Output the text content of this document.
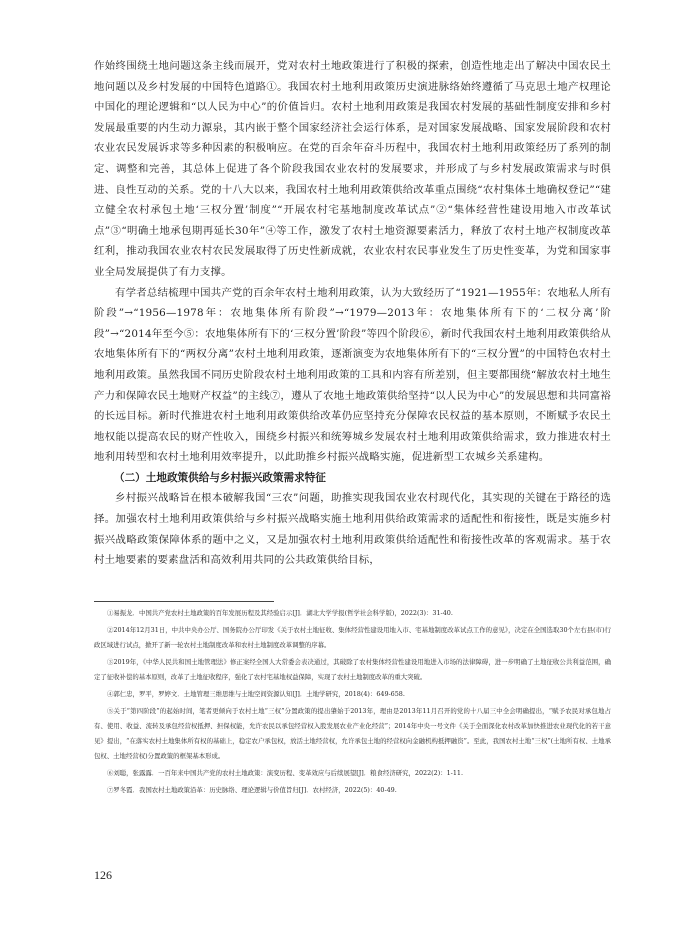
作始终围绕土地问题这条主线而展开，党对农村土地政策进行了积极的探索，创造性地走出了解决中国农民土地问题以及乡村发展的中国特色道路①。我国农村土地利用政策历史演进脉络始终遵循了马克思土地产权理论中国化的理论逻辑和“以人民为中心”的价值旨归。农村土地利用政策是我国农村发展的基础性制度安排和乡村发展最重要的内生动力源泉，其内嵌于整个国家经济社会运行体系，是对国家发展战略、国家发展阶段和农村农业农民发展诉求等多种因素的积极响应。在党的百余年奋斗历程中，我国农村土地利用政策经历了系列的制定、调整和完善，其总体上促进了各个阶段我国农业农村的发展要求，并形成了与乡村发展政策需求与时俱进、良性互动的关系。党的十八大以来，我国农村土地利用政策供给改革重点围绕“农村集体土地确权登记”“建立健全农村承包土地‘三权分置’制度”“开展农村宅基地制度改革试点”②“集体经营性建设用地入市改革试点”③“明确土地承包期再延长30年”④等工作，激发了农村土地资源要素活力，释放了农村土地产权制度改革红利，推动我国农业农村农民发展取得了历史性新成就，农业农村农民事业发生了历史性变革，为党和国家事业全局发展提供了有力支撑。

有学者总结梳理中国共产党的百余年农村土地利用政策，认为大致经历了“1921—1955年：农地私人所有阶段”→“1956—1978年：农地集体所有阶段”→“1979—2013年：农地集体所有下的‘二权分离’阶段”→“2014年至今⑤：农地集体所有下的‘三权分置’阶段”等四个阶段⑥，新时代我国农村土地利用政策供给从农地集体所有下的“两权分离”农村土地利用政策，逐渐演变为农地集体所有下的“三权分置”的中国特色农村土地利用政策。虽然我国不同历史阶段农村土地利用政策的工具和内容有所差别，但主要都围绕“解放农村土地生产力和保障农民土地财产权益”的主线⑦，遵从了农地土地政策供给坚持“以人民为中心”的发展思想和共同富裕的长远目标。新时代推进农村土地利用政策供给改革仍应坚持充分保障农民权益的基本原则，不断赋予农民土地权能以提高农民的财产性收入，围绕乡村振兴和统筹城乡发展农村土地利用政策供给需求，致力推进农村土地利用转型和农村土地利用效率提升，以此助推乡村振兴战略实施，促进新型工农城乡关系建构。

（二）土地政策供给与乡村振兴政策需求特征

乡村振兴战略旨在根本破解我国“三农”问题，助推实现我国农业农村现代化，其实现的关键在于路径的选择。加强农村土地利用政策供给与乡村振兴战略实施土地利用供给政策需求的适配性和衔接性，既是实施乡村振兴战略政策保障体系的题中之义，又是加强农村土地利用政策供给适配性和衔接性改革的客观需求。基于农村土地要素的要素盘活和高效利用共同的公共政策供给目标，

①易振龙．中国共产党农村土地政策的百年发展历程及其经验启示[J]．湖北大学学报(哲学社会科学版)，2022(3)：31-40.

②2014年12月31日，中共中央办公厅、国务院办公厅印发《关于农村土地征收、集体经营性建设用地入市、宅基地制度改革试点工作的意见》，决定在全国选取30个左右县(市)行政区域进行试点，掀开了新一轮农村土地制度改革和农村土地制度改革调整的序幕。

③2019年，《中华人民共和国土地管理法》修正案经全国人大常委会表决通过，其破除了农村集体经营性建设用地进入市场的法律障碍，进一步明确了土地征收公共利益范围，确定了征收补偿的基本原则，改革了土地征收程序，强化了农村宅基地权益保障，实现了农村土地制度改革的重大突破。

④郭仁忠，罗平，罗婷文．土地管理三维思维与土地空间资源认知[J]．土地学研究，2018(4)：649-658.

⑤关于“第四阶段”的起始时间，笔者更倾向于农村土地“三权”分置政策的提出肇始于2013年，理由是2013年11月召开的党的十八届三中全会明确提出，“赋予农民对承包地占有、使用、收益、流转及承包经营权抵押、担保权能，允许农民以承包经营权入股发展农业产业化经营”；2014年中央一号文件《关于全面深化农村改革加快推进农业现代化的若干意见》提出，“在落实农村土地集体所有权的基础上，稳定农户承包权，放活土地经营权，允许承包土地的经营权向金融机构抵押融资”。至此，我国农村土地“三权”(土地所有权、土地承包权、土地经营权)分置政策的框架基本形成。

⑥刘聪，张露露．一百年来中国共产党的农村土地政策：演变历程、变革效应与后续展望[J]．粮食经济研究，2022(2)：1-11.

⑦罗冬霞．我国农村土地政策沿革：历史脉络、理论逻辑与价值旨归[J]．农村经济，2022(5)：40-49.

126
